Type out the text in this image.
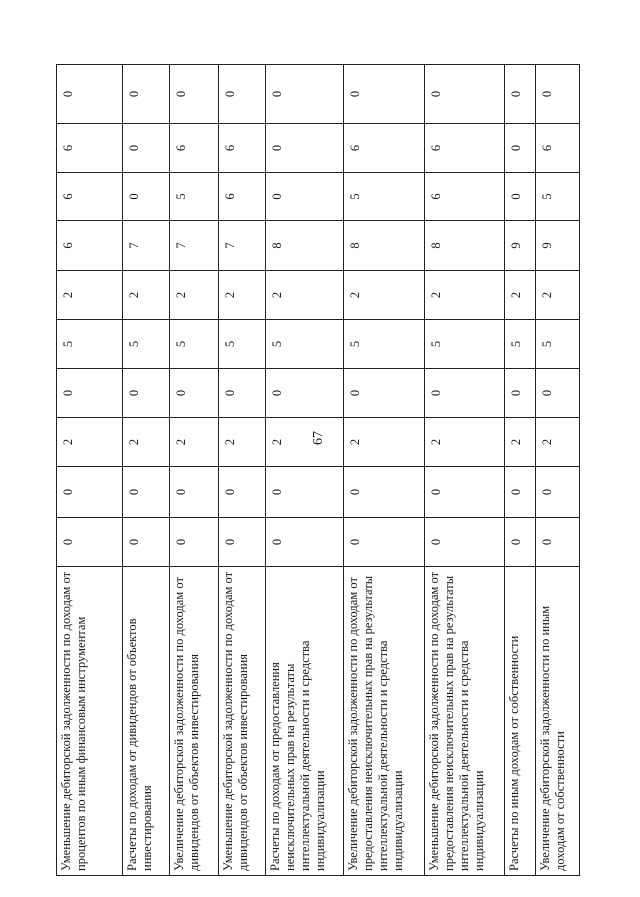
67
Уменьшение дебиторской задолженности по доходам от процентов по иным финансовым инструментам	0	0	2	0	5	2	6	6	6	0
Расчеты по доходам от дивидендов от объектов инвестирования	0	0	2	0	5	2	7	0	0	0
Увеличение дебиторской задолженности по доходам от дивидендов от объектов инвестирования	0	0	2	0	5	2	7	5	6	0
Уменьшение дебиторской задолженности по доходам от дивидендов от объектов инвестирования	0	0	2	0	5	2	7	6	6	0
Расчеты по доходам от предоставления неисключительных прав на результаты интеллектуальной деятельности и средства индивидуализации	0	0	2	0	5	2	8	0	0	0
Увеличение дебиторской задолженности по доходам от предоставления неисключительных прав на результаты интеллектуальной деятельности и средства индивидуализации	0	0	2	0	5	2	8	5	6	0
Уменьшение дебиторской задолженности по доходам от предоставления неисключительных прав на результаты интеллектуальной деятельности и средства индивидуализации	0	0	2	0	5	2	8	6	6	0
Расчеты по иным доходам от собственности	0	0	2	0	5	2	9	0	0	0
Увеличение дебиторской задолженности по иным доходам от собственности	0	0	2	0	5	2	9	5	6	0
